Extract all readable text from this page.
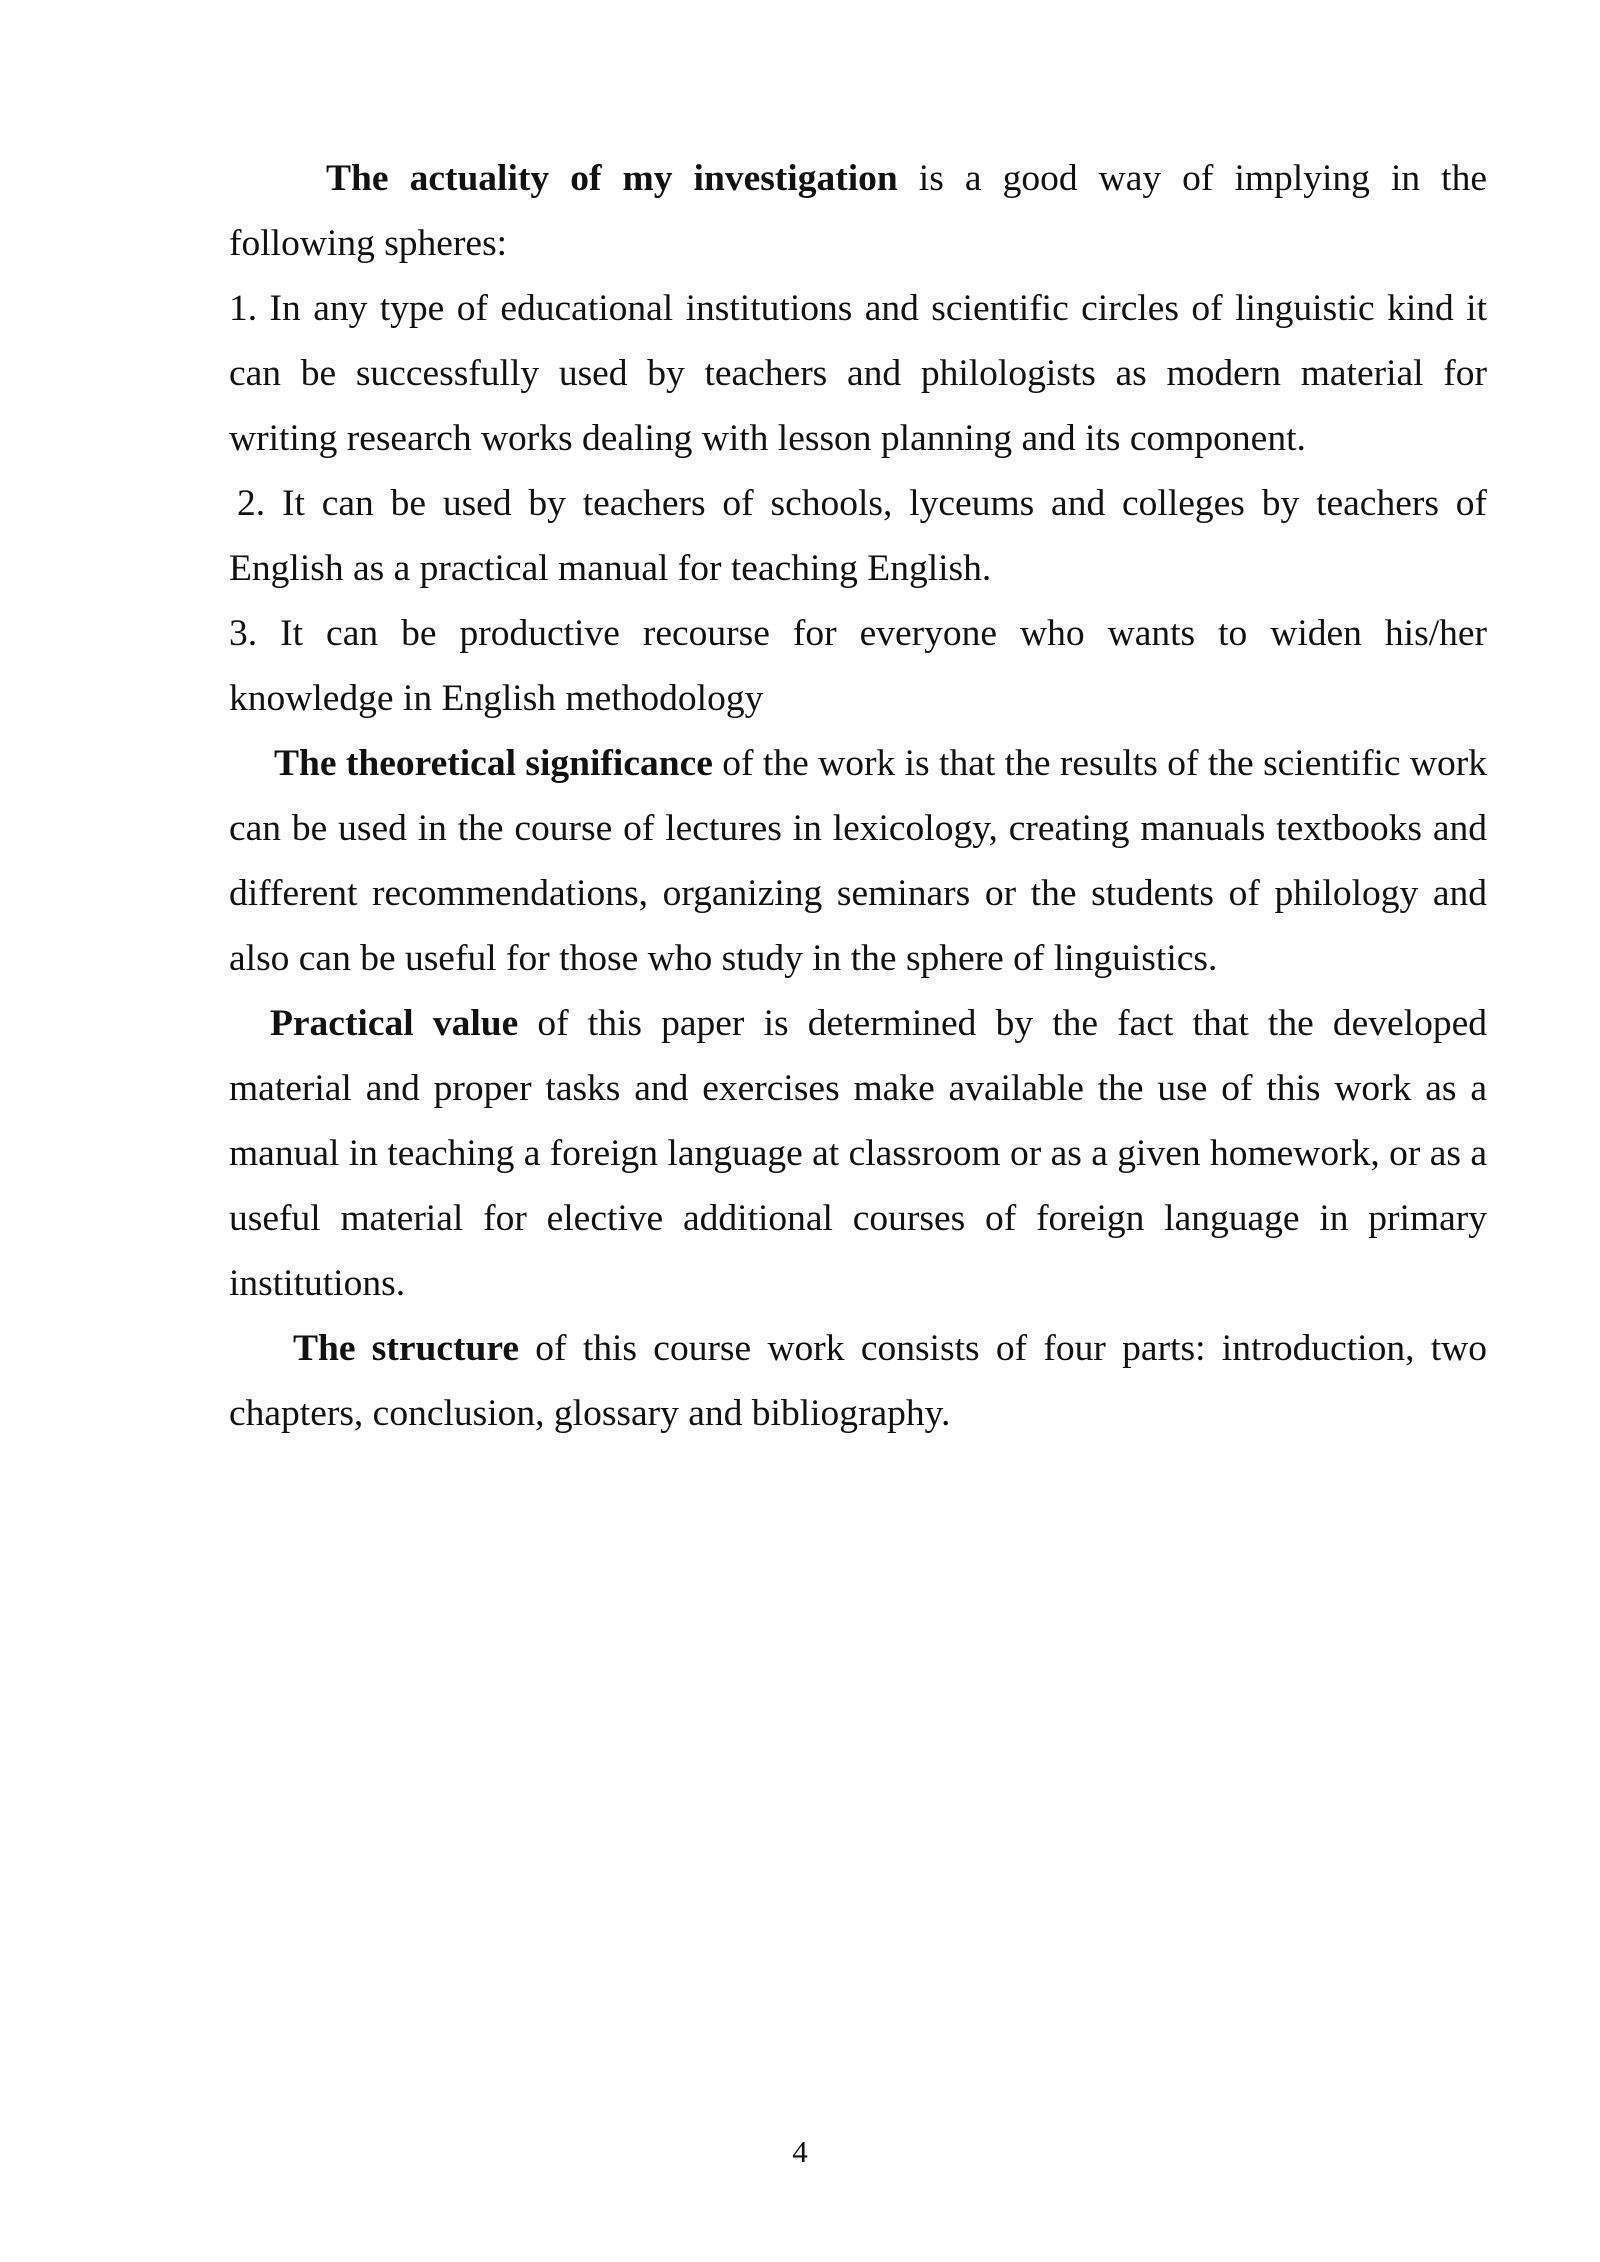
The actuality of my investigation is a good way of implying in the following spheres:

1. In any type of educational institutions and scientific circles of linguistic kind it can be successfully used by teachers and philologists as modern material for writing research works dealing with lesson planning and its component.

2. It can be used by teachers of schools, lyceums and colleges by teachers of English as a practical manual for teaching English.

3. It can be productive recourse for everyone who wants to widen his/her knowledge in English methodology

The theoretical significance of the work is that the results of the scientific work can be used in the course of lectures in lexicology, creating manuals textbooks and different recommendations, organizing seminars or the students of philology and also can be useful for those who study in the sphere of linguistics.

Practical value of this paper is determined by the fact that the developed material and proper tasks and exercises make available the use of this work as a manual in teaching a foreign language at classroom or as a given homework, or as a useful material for elective additional courses of foreign language in primary institutions.

The structure of this course work consists of four parts: introduction, two chapters, conclusion, glossary and bibliography.

4
